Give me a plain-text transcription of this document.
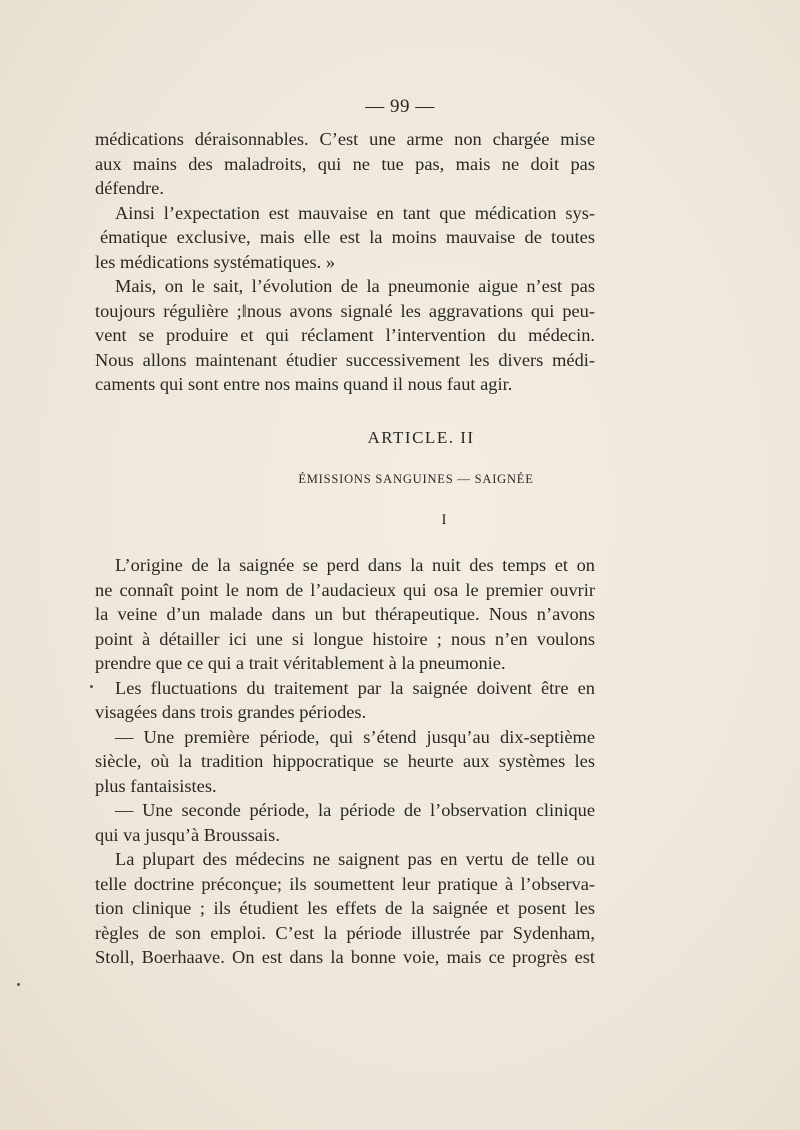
— 99 —
médications déraisonnables. C’est une arme non chargée mise
aux mains des maladroits, qui ne tue pas, mais ne doit pas
défendre.
Ainsi l’expectation est mauvaise en tant que médication sys-
ématique exclusive, mais elle est la moins mauvaise de toutes
les médications systématiques. »
Mais, on le sait, l’évolution de la pneumonie aigue n’est pas
toujours régulière ;‖nous avons signalé les aggravations qui peu-
vent se produire et qui réclament l’intervention du médecin.
Nous allons maintenant étudier successivement les divers médi-
caments qui sont entre nos mains quand il nous faut agir.
ARTICLE. II
ÉMISSIONS SANGUINES — SAIGNÉE
I
L’origine de la saignée se perd dans la nuit des temps et on
ne connaît point le nom de l’audacieux qui osa le premier ouvrir
la veine d’un malade dans un but thérapeutique. Nous n’avons
point à détailler ici une si longue histoire ; nous n’en voulons
prendre que ce qui a trait véritablement à la pneumonie.
Les fluctuations du traitement par la saignée doivent être en
visagées dans trois grandes périodes.
— Une première période, qui s’étend jusqu’au dix-septième
siècle, où la tradition hippocratique se heurte aux systèmes les
plus fantaisistes.
— Une seconde période, la période de l’observation clinique
qui va jusqu’à Broussais.
La plupart des médecins ne saignent pas en vertu de telle ou
telle doctrine préconçue; ils soumettent leur pratique à l’observa-
tion clinique ; ils étudient les effets de la saignée et posent les
règles de son emploi. C’est la période illustrée par Sydenham,
Stoll, Boerhaave. On est dans la bonne voie, mais ce progrès est
